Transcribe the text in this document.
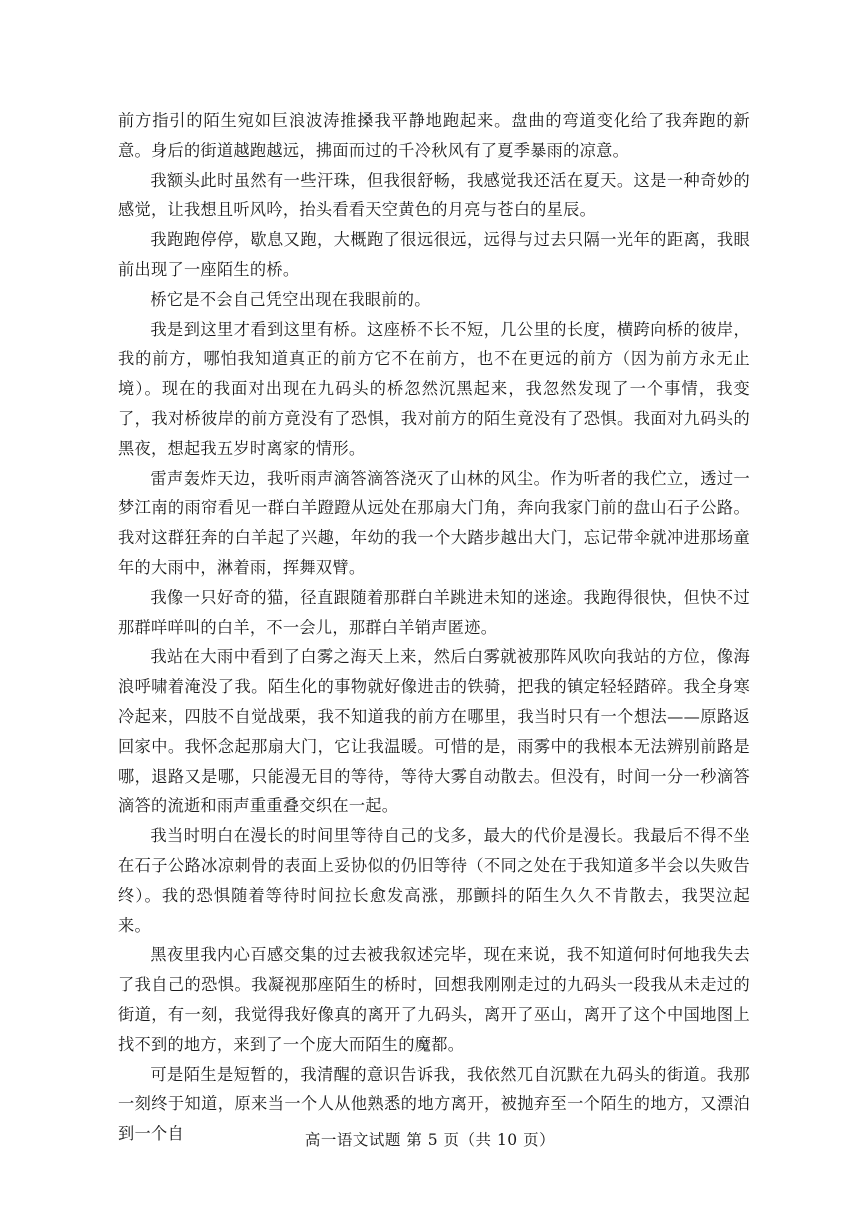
前方指引的陌生宛如巨浪波涛推搡我平静地跑起来。盘曲的弯道变化给了我奔跑的新意。身后的街道越跑越远，拂面而过的千冷秋风有了夏季暴雨的凉意。

我额头此时虽然有一些汗珠，但我很舒畅，我感觉我还活在夏天。这是一种奇妙的感觉，让我想且听风吟，抬头看看天空黄色的月亮与苍白的星辰。

我跑跑停停，歇息又跑，大概跑了很远很远，远得与过去只隔一光年的距离，我眼前出现了一座陌生的桥。

桥它是不会自己凭空出现在我眼前的。

我是到这里才看到这里有桥。这座桥不长不短，几公里的长度，横跨向桥的彼岸，我的前方，哪怕我知道真正的前方它不在前方，也不在更远的前方（因为前方永无止境）。现在的我面对出现在九码头的桥忽然沉黑起来，我忽然发现了一个事情，我变了，我对桥彼岸的前方竟没有了恐惧，我对前方的陌生竟没有了恐惧。我面对九码头的黑夜，想起我五岁时离家的情形。

雷声轰炸天边，我听雨声滴答滴答浇灭了山林的风尘。作为听者的我伫立，透过一梦江南的雨帘看见一群白羊蹬蹬从远处在那扇大门角，奔向我家门前的盘山石子公路。我对这群狂奔的白羊起了兴趣，年幼的我一个大踏步越出大门，忘记带伞就冲进那场童年的大雨中，淋着雨，挥舞双臂。

我像一只好奇的猫，径直跟随着那群白羊跳进未知的迷途。我跑得很快，但快不过那群咩咩叫的白羊，不一会儿，那群白羊销声匿迹。

我站在大雨中看到了白雾之海天上来，然后白雾就被那阵风吹向我站的方位，像海浪呼啸着淹没了我。陌生化的事物就好像进击的铁骑，把我的镇定轻轻踏碎。我全身寒冷起来，四肢不自觉战栗，我不知道我的前方在哪里，我当时只有一个想法——原路返回家中。我怀念起那扇大门，它让我温暖。可惜的是，雨雾中的我根本无法辨别前路是哪，退路又是哪，只能漫无目的等待，等待大雾自动散去。但没有，时间一分一秒滴答滴答的流逝和雨声重重叠交织在一起。

我当时明白在漫长的时间里等待自己的戈多，最大的代价是漫长。我最后不得不坐在石子公路冰凉刺骨的表面上妥协似的仍旧等待（不同之处在于我知道多半会以失败告终）。我的恐惧随着等待时间拉长愈发高涨，那颤抖的陌生久久不肯散去，我哭泣起来。

黑夜里我内心百感交集的过去被我叙述完毕，现在来说，我不知道何时何地我失去了我自己的恐惧。我凝视那座陌生的桥时，回想我刚刚走过的九码头一段我从未走过的街道，有一刻，我觉得我好像真的离开了九码头，离开了巫山，离开了这个中国地图上找不到的地方，来到了一个庞大而陌生的魔都。

可是陌生是短暂的，我清醒的意识告诉我，我依然兀自沉默在九码头的街道。我那一刻终于知道，原来当一个人从他熟悉的地方离开，被抛弃至一个陌生的地方，又漂泊到一个自	高一语文试题 第 5 页（共 10 页）
